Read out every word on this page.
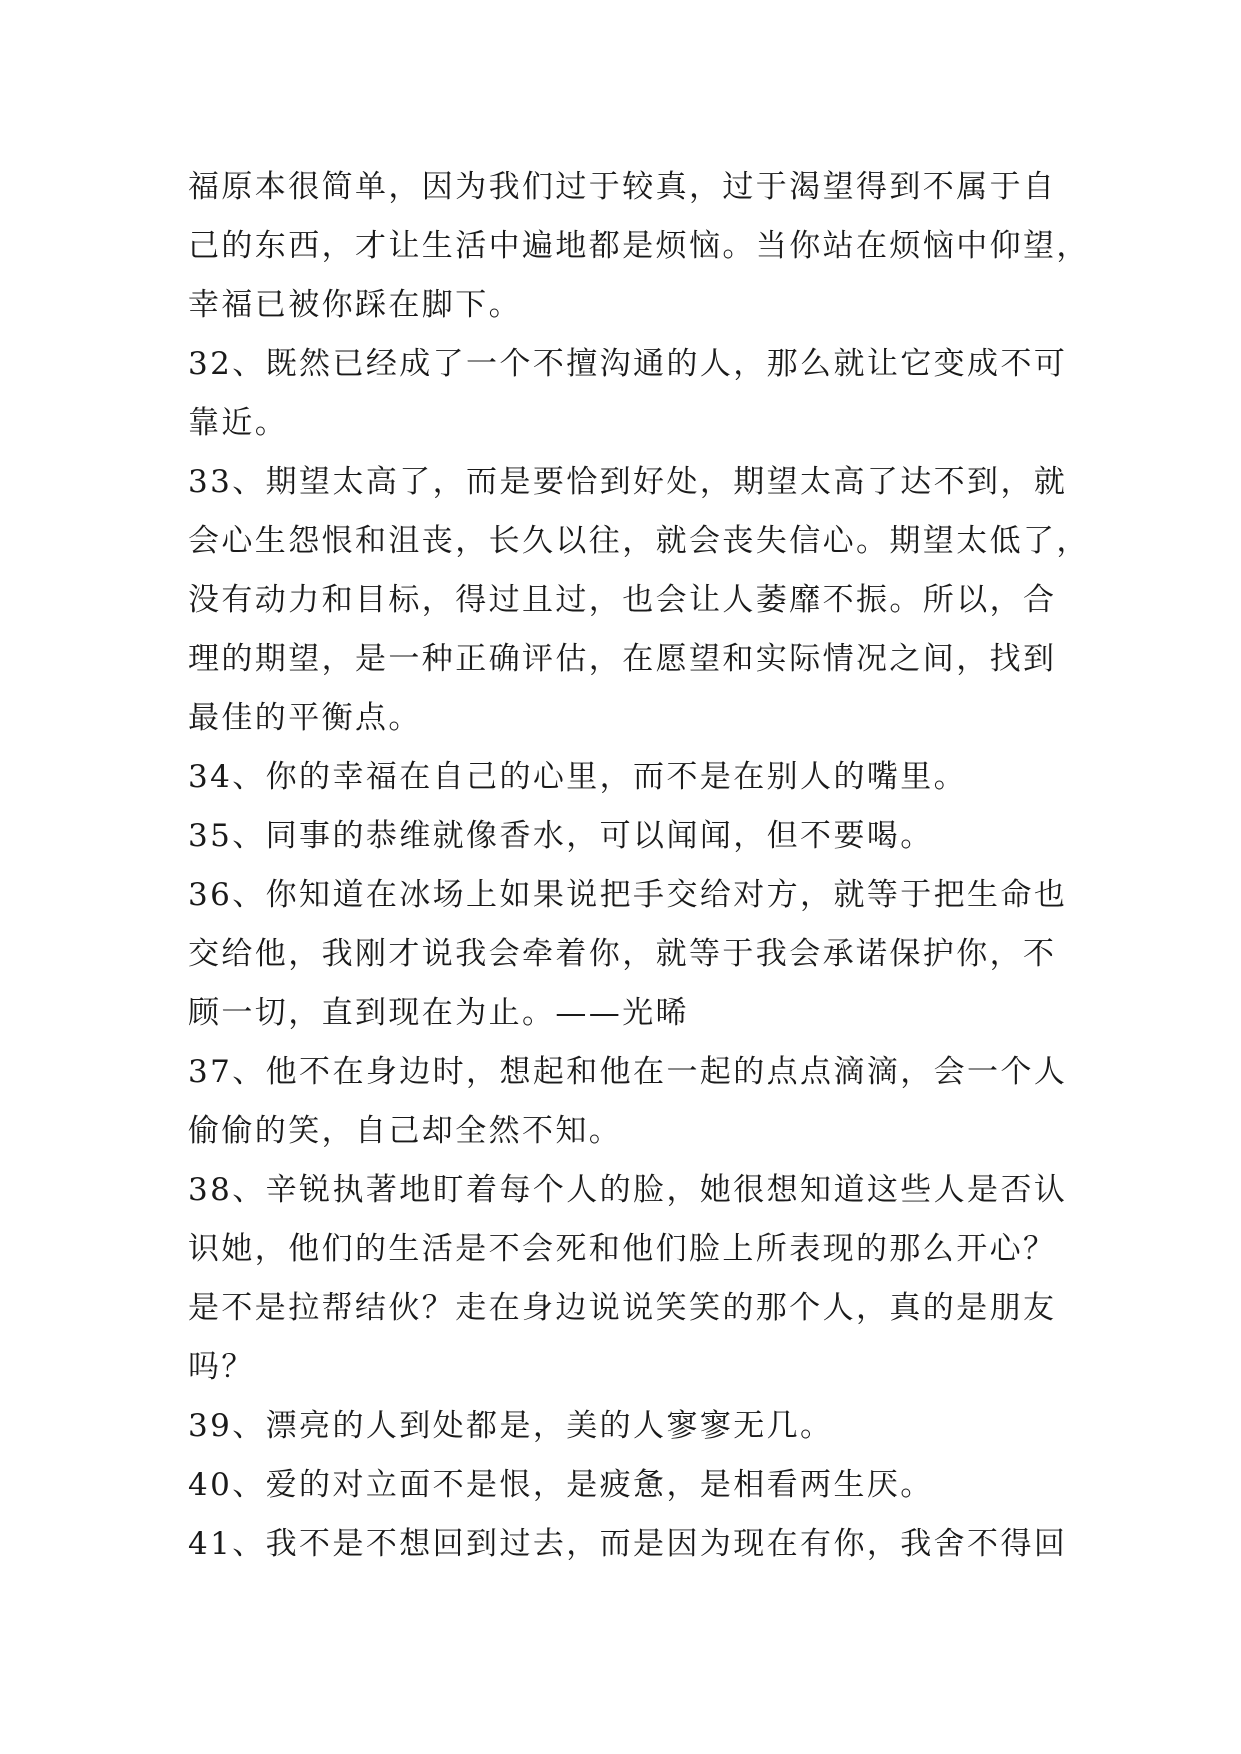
福原本很简单，因为我们过于较真，过于渴望得到不属于自
己的东西，才让生活中遍地都是烦恼。当你站在烦恼中仰望，
幸福已被你踩在脚下。
32、既然已经成了一个不擅沟通的人，那么就让它变成不可
靠近。
33、期望太高了，而是要恰到好处，期望太高了达不到，就
会心生怨恨和沮丧，长久以往，就会丧失信心。期望太低了，
没有动力和目标，得过且过，也会让人萎靡不振。所以，合
理的期望，是一种正确评估，在愿望和实际情况之间，找到
最佳的平衡点。
34、你的幸福在自己的心里，而不是在别人的嘴里。
35、同事的恭维就像香水，可以闻闻，但不要喝。
36、你知道在冰场上如果说把手交给对方，就等于把生命也
交给他，我刚才说我会牵着你，就等于我会承诺保护你，不
顾一切，直到现在为止。——光晞
37、他不在身边时，想起和他在一起的点点滴滴，会一个人
偷偷的笑，自己却全然不知。
38、辛锐执著地盯着每个人的脸，她很想知道这些人是否认
识她，他们的生活是不会死和他们脸上所表现的那么开心？
是不是拉帮结伙？走在身边说说笑笑的那个人，真的是朋友
吗？
39、漂亮的人到处都是，美的人寥寥无几。
40、爱的对立面不是恨，是疲惫，是相看两生厌。
41、我不是不想回到过去，而是因为现在有你，我舍不得回
